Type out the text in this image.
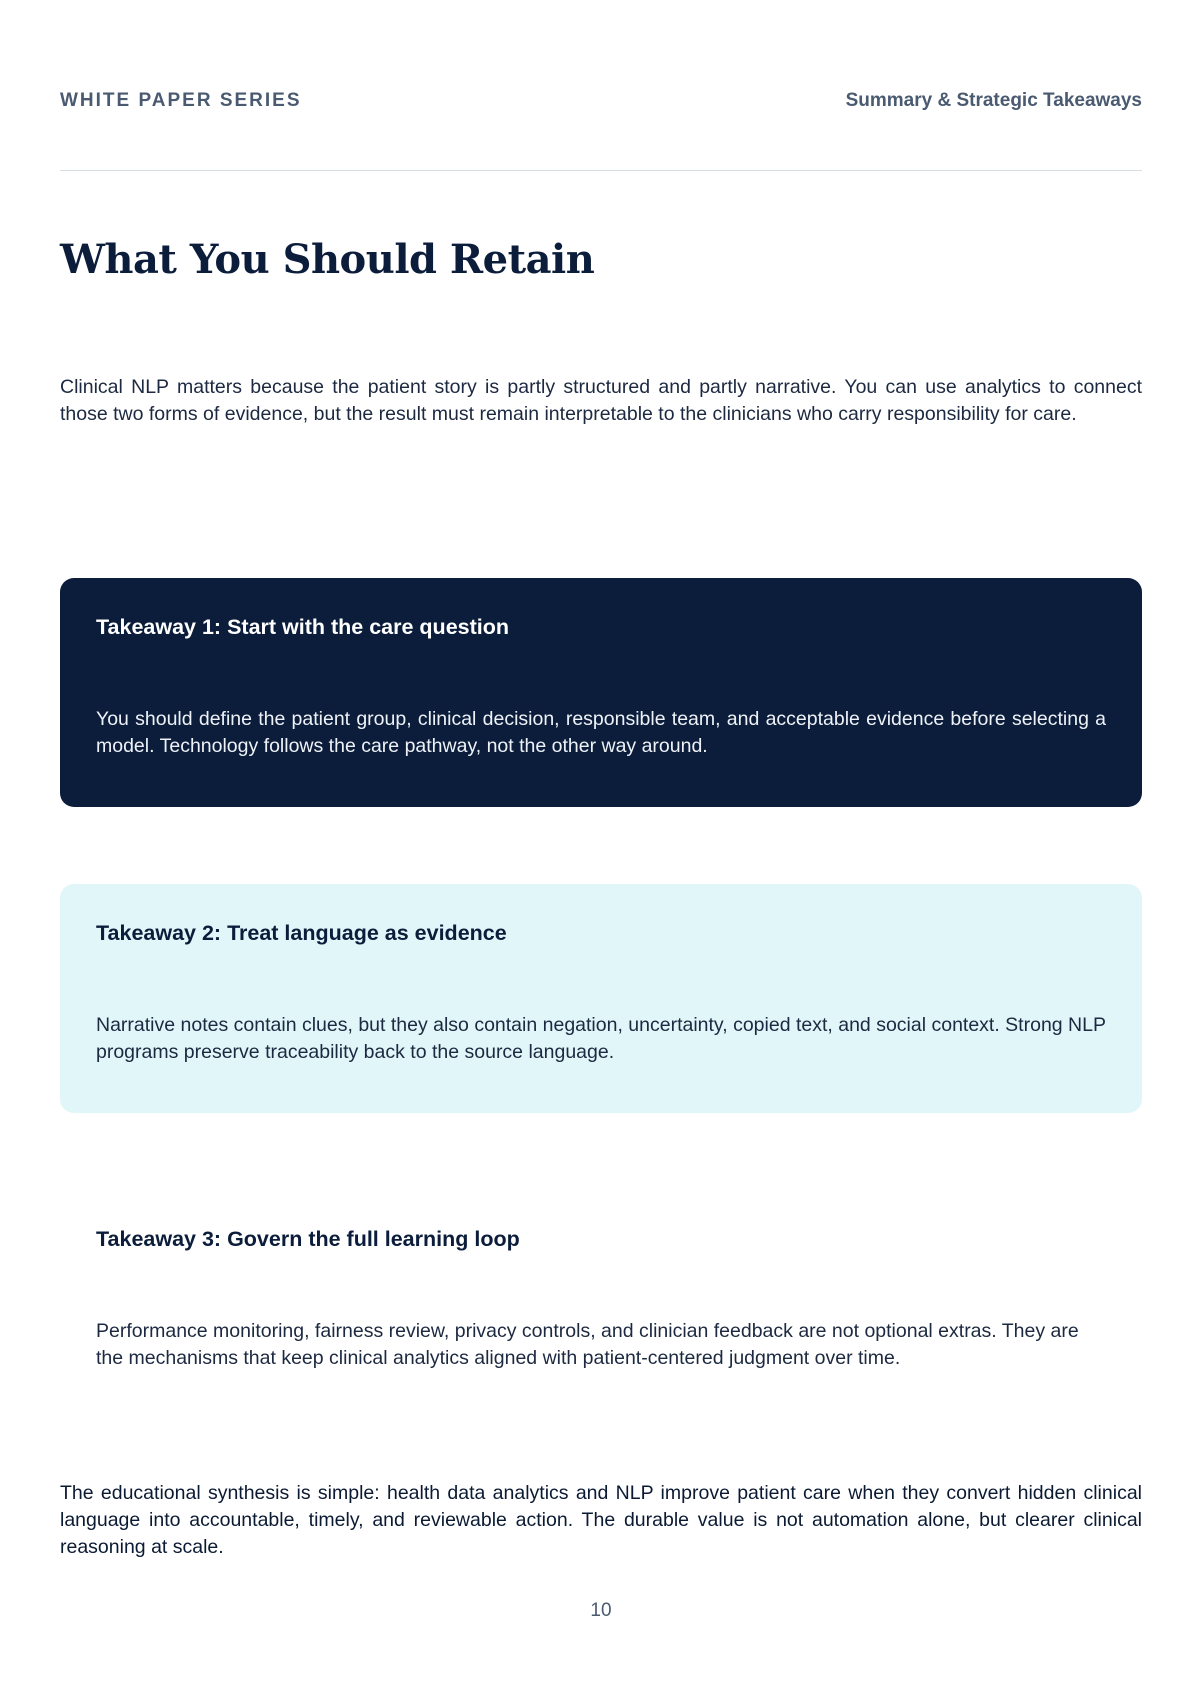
WHITE PAPER SERIES	Summary & Strategic Takeaways
What You Should Retain

Clinical NLP matters because the patient story is partly structured and partly narrative. You can use analytics to connect those two forms of evidence, but the result must remain interpretable to the clinicians who carry responsibility for care.

Takeaway 1: Start with the care question

You should define the patient group, clinical decision, responsible team, and acceptable evidence before selecting a model. Technology follows the care pathway, not the other way around.

Takeaway 2: Treat language as evidence

Narrative notes contain clues, but they also contain negation, uncertainty, copied text, and social context. Strong NLP programs preserve traceability back to the source language.

Takeaway 3: Govern the full learning loop

Performance monitoring, fairness review, privacy controls, and clinician feedback are not optional extras. They are the mechanisms that keep clinical analytics aligned with patient-centered judgment over time.

The educational synthesis is simple: health data analytics and NLP improve patient care when they convert hidden clinical language into accountable, timely, and reviewable action. The durable value is not automation alone, but clearer clinical reasoning at scale.

10
